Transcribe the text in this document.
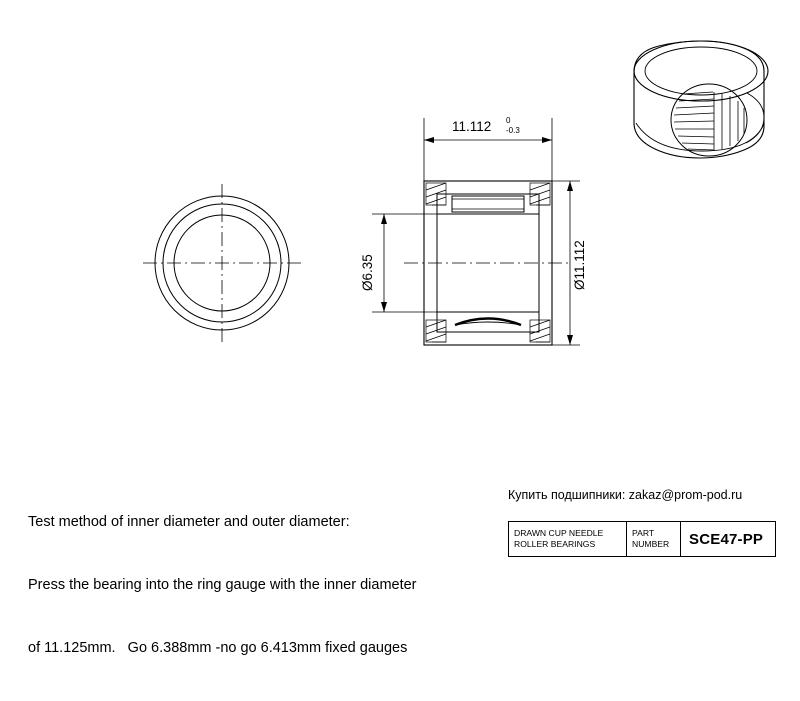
11.112 0
-0.3
Ø11.112
Ø6.35

Test method of inner diameter and outer diameter:

Press the bearing into the ring gauge with the inner diameter

of 11.125mm.   Go 6.388mm -no go 6.413mm fixed gauges

Купить подшипники: zakaz@prom-pod.ru
DRAWN CUP NEEDLE
ROLLER BEARINGS
PART
NUMBER	SCE47-PP
